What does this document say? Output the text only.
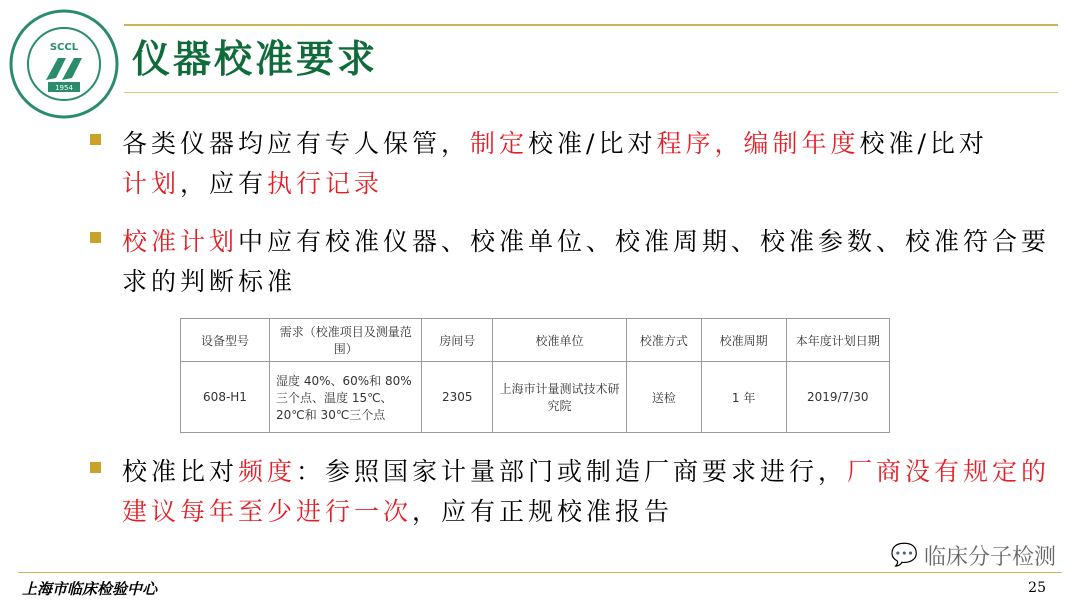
SCCL
1954
仪器校准要求
各类仪器均应有专人保管，制定校准/比对程序，编制年度校准/比对
计划，应有执行记录
校准计划中应有校准仪器、校准单位、校准周期、校准参数、校准符合要求的判断标准
设备型号	需求（校准项目及测量范围）	房间号	校准单位	校准方式	校准周期	本年度计划日期
608-H1	湿度 40%、60%和 80%三个点、温度 15℃、20℃和 30℃三个点	2305	上海市计量测试技术研究院	送检	1 年	2019/7/30
校准比对频度：参照国家计量部门或制造厂商要求进行，厂商没有规定的建议每年至少进行一次，应有正规校准报告
💬 临床分子检测
上海市临床检验中心	25
